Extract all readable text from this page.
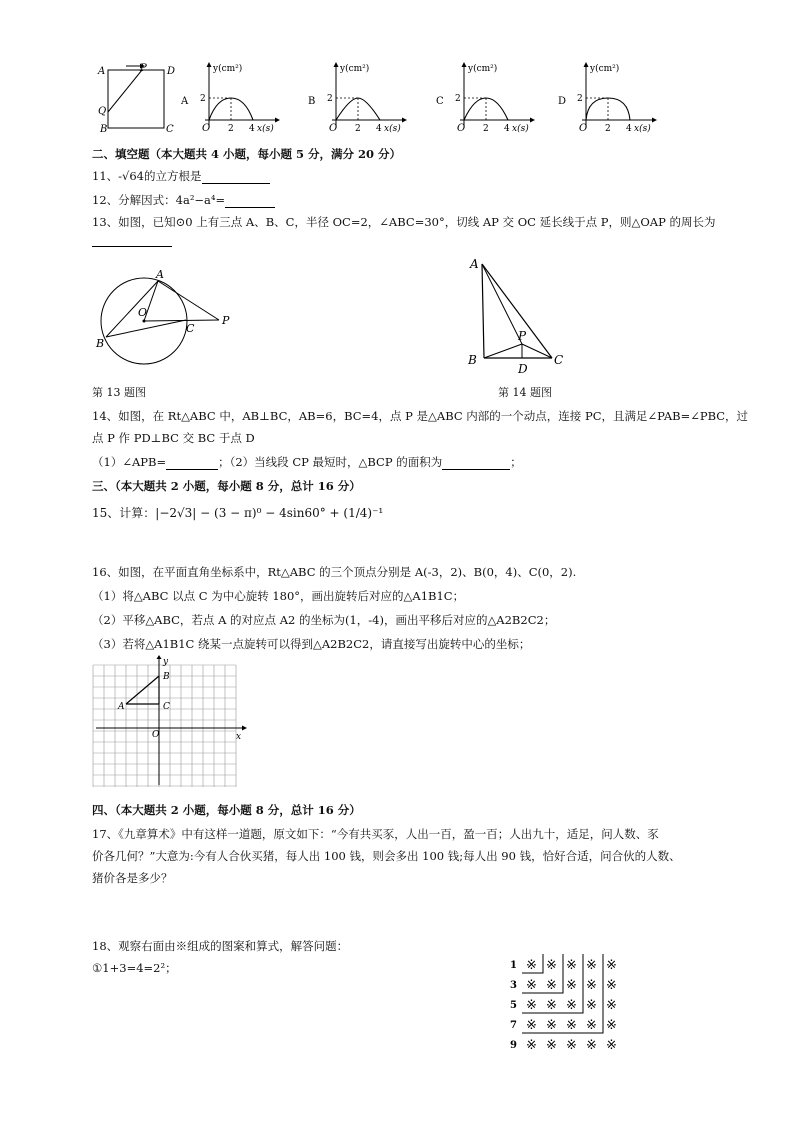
A	P D
Q
B	C
A
y(cm²)
x(s)
O 2 4
2	B
y(cm²)
x(s)
O 2 4
2	C
y(cm²)
x(s)
O 2 4
2	D
y(cm²)
x(s)
O 2 4
2
二、填空题（本大题共 4 小题，每小题 5 分，满分 20 分）
11、-√64的立方根是
12、分解因式：4a²−a⁴=
13、如图，已知⊙0 上有三点 A、B、C，半径 OC=2，∠ABC=30°，切线 AP 交 OC 延长线于点 P，则△OAP 的周长为
A
O
B
C
P
第 13 题图
A
P
B
D
C
第 14 题图
14、如图，在 Rt△ABC 中，AB⊥BC，AB=6，BC=4，点 P 是△ABC 内部的一个动点，连接 PC，且满足∠PAB=∠PBC，过
点 P 作 PD⊥BC 交 BC 于点 D
（1）∠APB=	；（2）当线段 CP 最短时，△BCP 的面积为	；
三、（本大题共 2 小题，每小题 8 分，总计 16 分）
15、计算：|−2√3| − (3 − π)⁰ − 4sin60° + (1/4)⁻¹
16、如图，在平面直角坐标系中，Rt△ABC 的三个顶点分别是 A(-3，2)、B(0，4)、C(0，2).
（1）将△ABC 以点 C 为中心旋转 180°，画出旋转后对应的△A1B1C；
（2）平移△ABC，若点 A 的对应点 A2 的坐标为(1，-4)，画出平移后对应的△A2B2C2；
（3）若将△A1B1C 绕某一点旋转可以得到△A2B2C2，请直接写出旋转中心的坐标；
y
x
O
A
B
C
四、（本大题共 2 小题，每小题 8 分，总计 16 分）
17、《九章算术》中有这样一道题，原文如下：“今有共买豕，人出一百，盈一百；人出九十，适足，问人数、豕
价各几何？”大意为:今有人合伙买猪，每人出 100 钱，则会多出 100 钱;每人出 90 钱，恰好合适，问合伙的人数、
猪价各是多少？
18、观察右面由※组成的图案和算式，解答问题：
①1+3=4=2²；	1
3
5
7
9
※ ※ ※ ※
※ ※ ※ ※ ※
※ ※ ※ ※ ※
※ ※ ※ ※ ※
※ ※ ※ ※ ※
※
